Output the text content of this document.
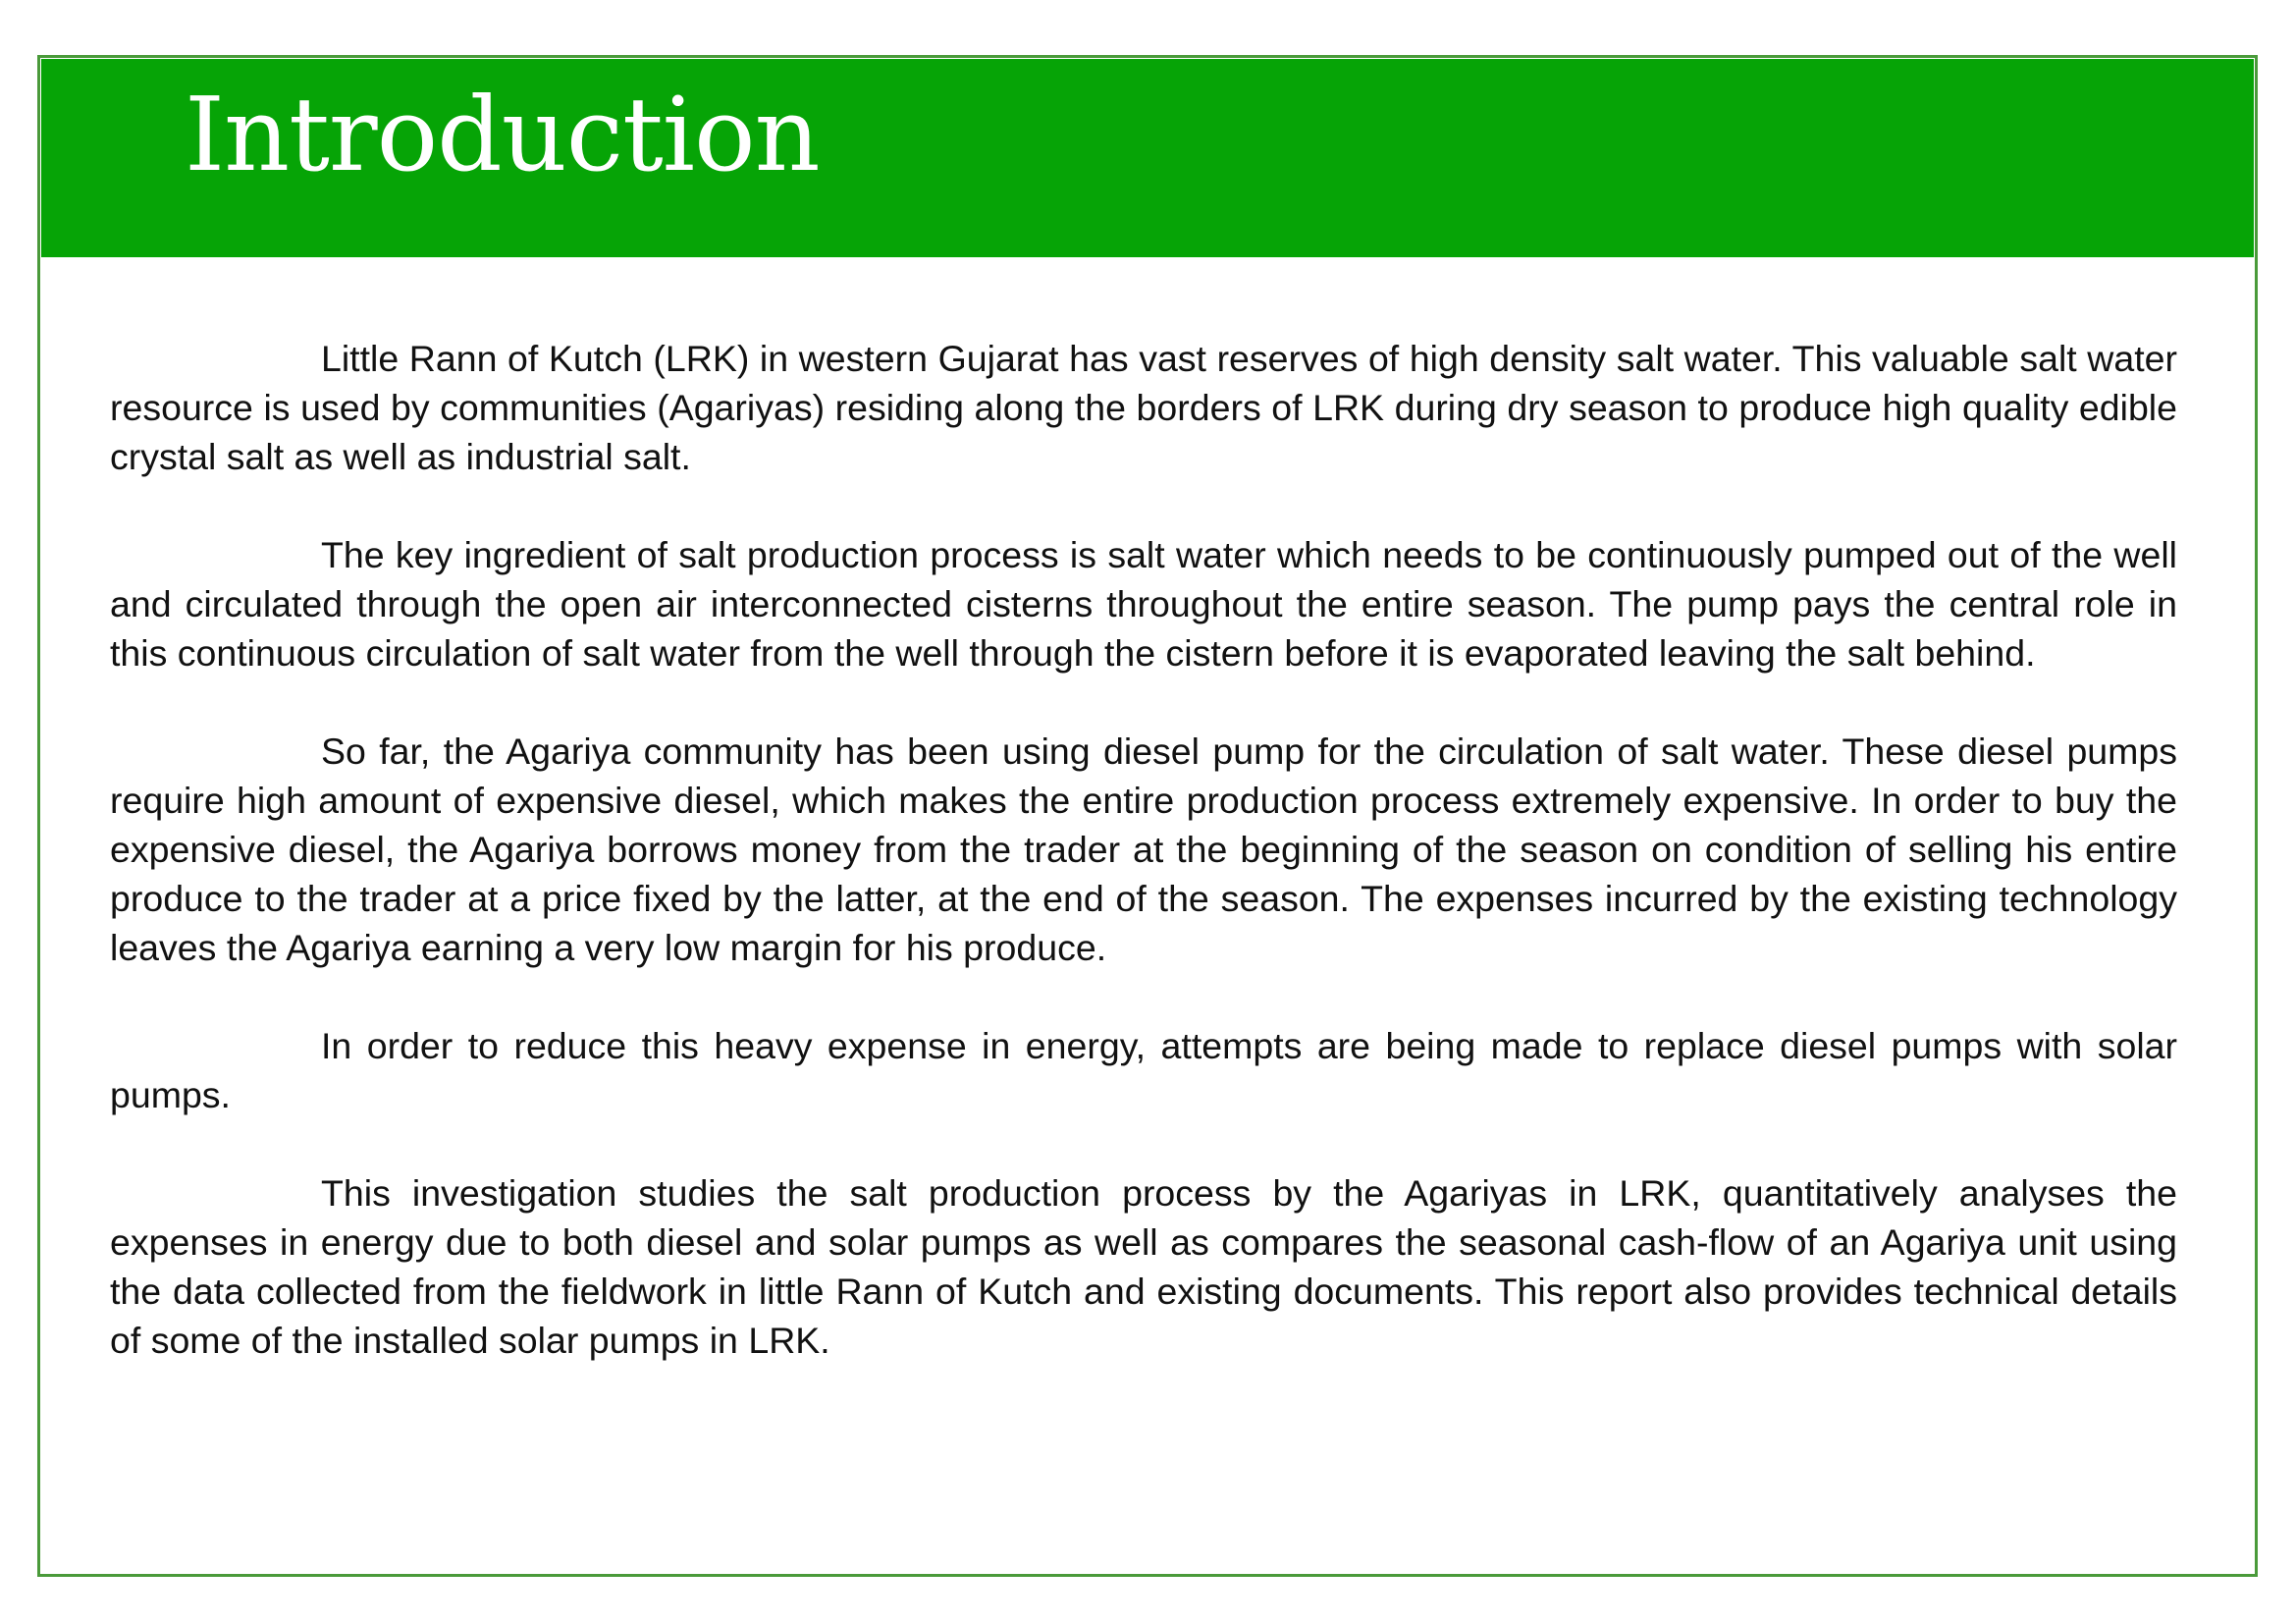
Introduction

Little Rann of Kutch (LRK) in western Gujarat has vast reserves of high density salt water. This valuable salt water resource is used by communities (Agariyas) residing along the borders of LRK during dry season to produce high quality edible crystal salt as well as industrial salt.

The key ingredient of salt production process is salt water which needs to be continuously pumped out of the well and circulated through the open air interconnected cisterns throughout the entire season. The pump pays the central role in this continuous circulation of salt water from the well through the cistern before it is evaporated leaving the salt behind.

So far, the Agariya community has been using diesel pump for the circulation of salt water. These diesel pumps require high amount of expensive diesel, which makes the entire production process extremely expensive. In order to buy the expensive diesel, the Agariya borrows money from the trader at the beginning of the season on condition of selling his entire produce to the trader at a price fixed by the latter, at the end of the season. The expenses incurred by the existing technology leaves the Agariya earning a very low margin for his produce.

In order to reduce this heavy expense in energy, attempts are being made to replace diesel pumps with solar pumps.

This investigation studies the salt production process by the Agariyas in LRK, quantitatively analyses the expenses in energy due to both diesel and solar pumps as well as compares the seasonal cash-flow of an Agariya unit using the data collected from the fieldwork in little Rann of Kutch and existing documents. This report also provides technical details of some of the installed solar pumps in LRK.
